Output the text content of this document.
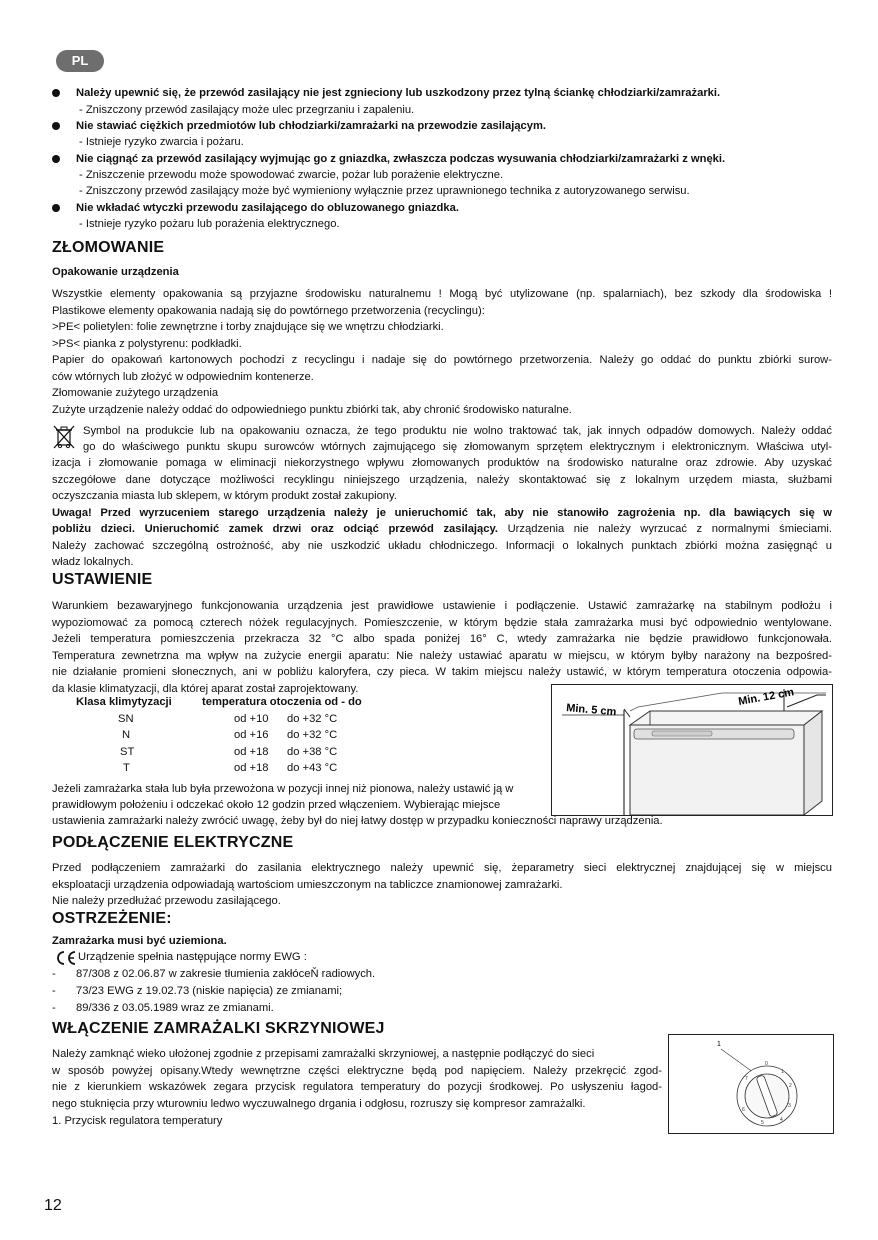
PL
Należy upewnić się, że przewód zasilający nie jest zgnieciony lub uszkodzony przez tylną ściankę chłodziarki/zamrażarki.
- Zniszczony przewód zasilający może ulec przegrzaniu i zapaleniu.
Nie stawiać ciężkich przedmiotów lub chłodziarki/zamrażarki na przewodzie zasilającym.
- Istnieje ryzyko zwarcia i pożaru.
Nie ciągnąć za przewód zasilający wyjmując go z gniazdka, zwłaszcza podczas wysuwania chłodziarki/zamrażarki z wnęki.
- Zniszczenie przewodu może spowodować zwarcie, pożar lub porażenie elektryczne.
- Zniszczony przewód zasilający może być wymieniony wyłącznie przez uprawnionego technika z autoryzowanego serwisu.
Nie wkładać wtyczki przewodu zasilającego do obluzowanego gniazdka.
- Istnieje ryzyko pożaru lub porażenia elektrycznego.
ZŁOMOWANIE
Opakowanie urządzenia
Wszystkie elementy opakowania są przyjazne środowisku naturalnemu ! Mogą być utylizowane (np. spalarniach), bez szkody dla środowiska !
Plastikowe elementy opakowania nadają się do powtórnego przetworzenia (recyclingu):
>PE< polietylen: folie zewnętrzne i torby znajdujące się we wnętrzu chłodziarki.
>PS< pianka z polystyrenu: podkładki.
Papier do opakowań kartonowych pochodzi z recyclingu i nadaje się do powtórnego przetworzenia. Należy go oddać do punktu zbiórki surow-
ców wtórnych lub złożyć w odpowiednim kontenerze.
Złomowanie zużytego urządzenia
Zużyte urządzenie należy oddać do odpowiedniego punktu zbiórki tak, aby chronić środowisko naturalne.
Symbol na produkcie lub na opakowaniu oznacza, że tego produktu nie wolno traktować tak, jak innych odpadów domowych. Należy oddać
go do właściwego punktu skupu surowców wtórnych zajmującego się złomowanym sprzętem elektrycznym i elektronicznym. Właściwa utyl-
izacja i złomowanie pomaga w eliminacji niekorzystnego wpływu złomowanych produktów na środowisko naturalne oraz zdrowie. Aby uzyskać
szczegółowe dane dotyczące możliwości recyklingu niniejszego urządzenia, należy skontaktować się z lokalnym urzędem miasta, służbami
oczyszczania miasta lub sklepem, w którym produkt został zakupiony.
Uwaga! Przed wyrzuceniem starego urządzenia należy je unieruchomić tak, aby nie stanowiło zagrożenia np. dla bawiących się w
pobliżu dzieci. Unieruchomić zamek drzwi oraz odciąć przewód zasilający. Urządzenia nie należy wyrzucać z normalnymi śmieciami.
Należy zachować szczególną ostrożność, aby nie uszkodzić układu chłodniczego. Informacji o lokalnych punktach zbiórki można zasięgnąć u
władz lokalnych.
USTAWIENIE
Warunkiem bezawaryjnego funkcjonowania urządzenia jest prawidłowe ustawienie i podłączenie. Ustawić zamrażarkę na stabilnym podłożu i
wypoziomować za pomocą czterech nóżek regulacyjnych. Pomieszczenie, w którym będzie stała zamrażarka musi być odpowiednio wentylowane.
Jeżeli temperatura pomieszczenia przekracza 32 °C albo spada poniżej 16° C, wtedy zamrażarka nie będzie prawidłowo funkcjonowała.
Temperatura zewnetrzna ma wpływ na zużycie energii aparatu: Nie należy ustawiać aparatu w miejscu, w którym byłby narażony na bezpośred-
nie działanie promieni słonecznych, ani w pobliżu kaloryfera, czy pieca. W takim miejscu należy ustawić, w którym temperatura otoczenia odpowia-
da klasie klimatyzacji, dla której aparat został zaprojektowany.
Klasa klimytyzacji	temperatura otoczenia od - do	
SN	od +10	do +32 °C
N	od +16	do +32 °C
ST	od +18	do +38 °C
T	od +18	do +43 °C
Min. 5 cm
Min. 12 cm
Jeżeli zamrażarka stała lub była przewożona w pozycji innej niż pionowa, należy ustawić ją w
prawidłowym położeniu i odczekać około 12 godzin przed włączeniem. Wybierając miejsce
ustawienia zamrażarki należy zwrócić uwagę, żeby był do niej łatwy dostęp w przypadku konieczności naprawy urządzenia.
PODŁĄCZENIE ELEKTRYCZNE
Przed podłączeniem zamrażarki do zasilania elektrycznego należy upewnić się, żeparametry sieci elektrycznej znajdującej się w miejscu
eksploatacji urządzenia odpowiadają wartościom umieszczonym na tabliczce znamionowej zamrażarki.
Nie należy przedłużać przewodu zasilającego.
OSTRZEŻENIE:
Zamrażarka musi być uziemiona.
Urządzenie spełnia następujące normy EWG :
- 87/308 z 02.06.87 w zakresie tłumienia zakłóceŇ radiowych.
- 73/23 EWG z 19.02.73 (niskie napięcia) ze zmianami;
- 89/336 z 03.05.1989 wraz ze zmianami.
WŁĄCZENIE ZAMRAŻALKI SKRZYNIOWEJ
Należy zamknąć wieko ułożonej zgodnie z przepisami zamrażalki skrzyniowej, a następnie podłączyć do sieci
w sposób powyżej opisany.Wtedy wewnętrzne części elektryczne będą pod napięciem. Należy przekręcić zgod-
nie z kierunkiem wskazówek zegara przycisk regulatora temperatury do pozycji środkowej. Po usłyszeniu łagod-
nego stuknięcia przy wturowniu ledwo wyczuwalnego drgania i odgłosu, rozruszy się kompresor zamrażalki.
1. Przycisk regulatora temperatury
1
0
1
2
3
4
5
6
7
12
